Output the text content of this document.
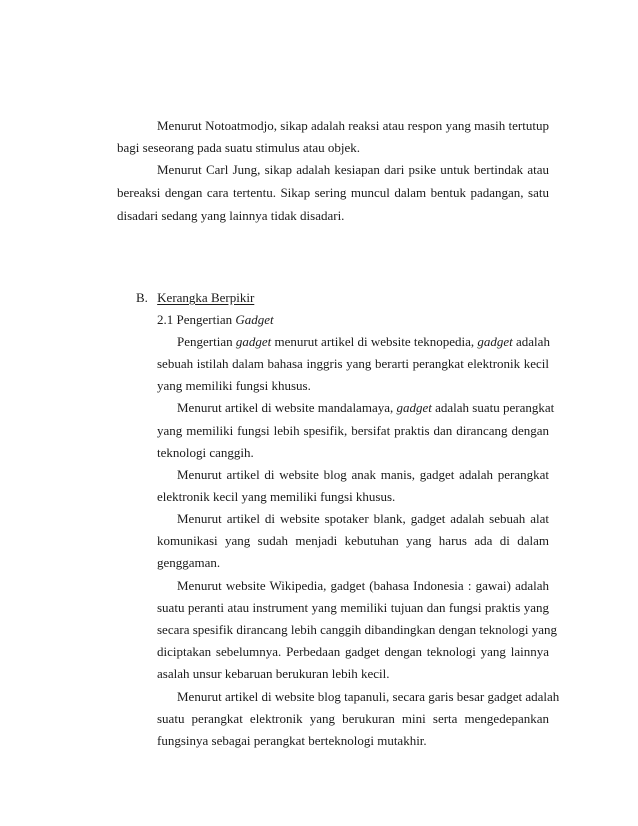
Menurut Notoatmodjo, sikap adalah reaksi atau respon yang masih tertutup
bagi seseorang pada suatu stimulus atau objek.
Menurut Carl Jung, sikap adalah kesiapan dari psike untuk bertindak atau
bereaksi dengan cara tertentu. Sikap sering muncul dalam bentuk padangan, satu
disadari sedang yang lainnya tidak disadari.
B. Kerangka Berpikir
2.1 Pengertian Gadget
Pengertian gadget menurut artikel di website teknopedia, gadget adalah
sebuah istilah dalam bahasa inggris yang berarti perangkat elektronik kecil
yang memiliki fungsi khusus.
Menurut artikel di website mandalamaya, gadget adalah suatu perangkat
yang memiliki fungsi lebih spesifik, bersifat praktis dan dirancang dengan
teknologi canggih.
Menurut artikel di website blog anak manis, gadget adalah perangkat
elektronik kecil yang memiliki fungsi khusus.
Menurut artikel di website spotaker blank, gadget adalah sebuah alat
komunikasi yang sudah menjadi kebutuhan yang harus ada di dalam
genggaman.
Menurut website Wikipedia, gadget (bahasa Indonesia : gawai) adalah
suatu peranti atau instrument yang memiliki tujuan dan fungsi praktis yang
secara spesifik dirancang lebih canggih dibandingkan dengan teknologi yang
diciptakan sebelumnya. Perbedaan gadget dengan teknologi yang lainnya
asalah unsur kebaruan berukuran lebih kecil.
Menurut artikel di website blog tapanuli, secara garis besar gadget adalah
suatu perangkat elektronik yang berukuran mini serta mengedepankan
fungsinya sebagai perangkat berteknologi mutakhir.
